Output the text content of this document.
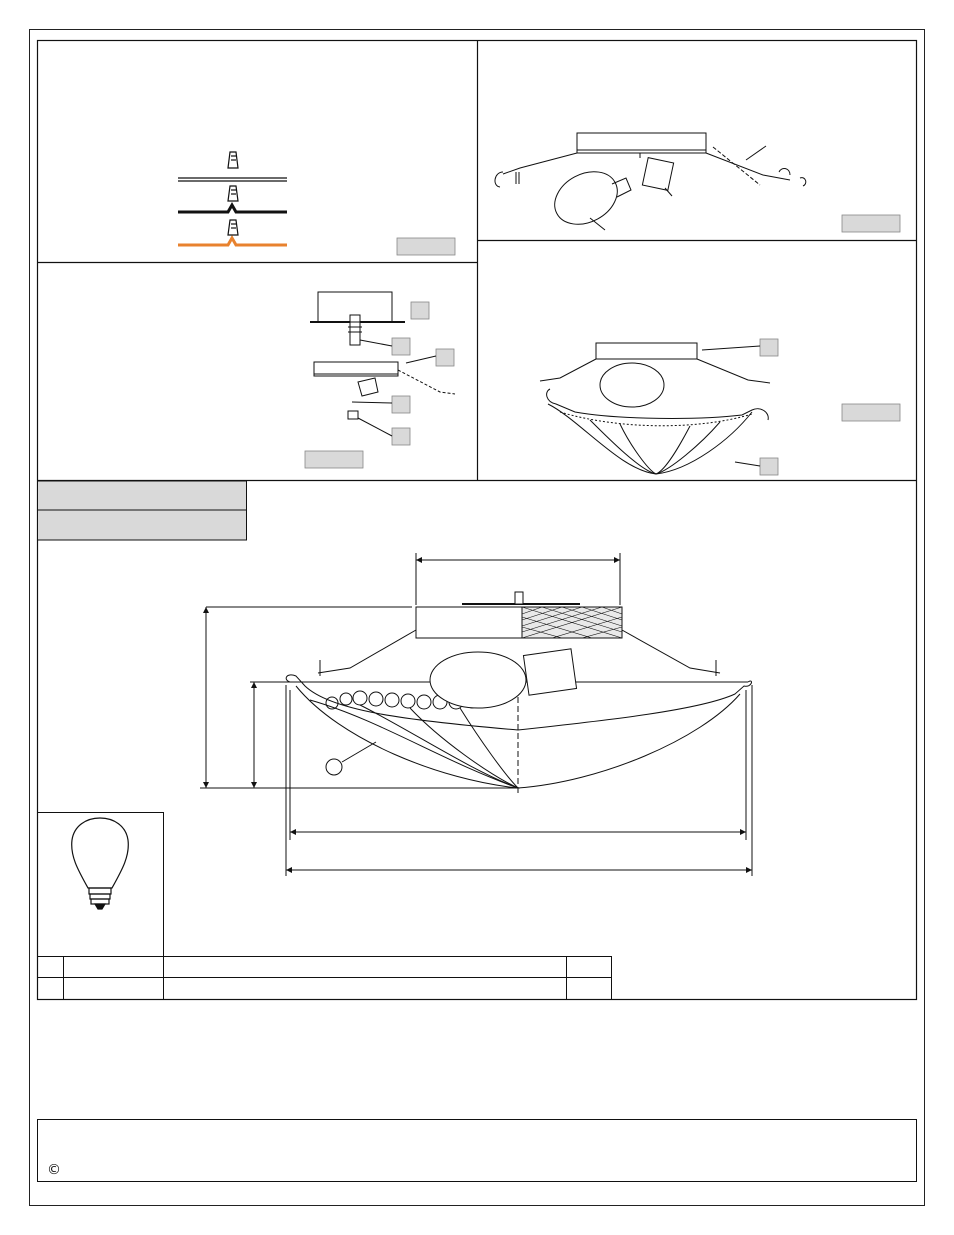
©
